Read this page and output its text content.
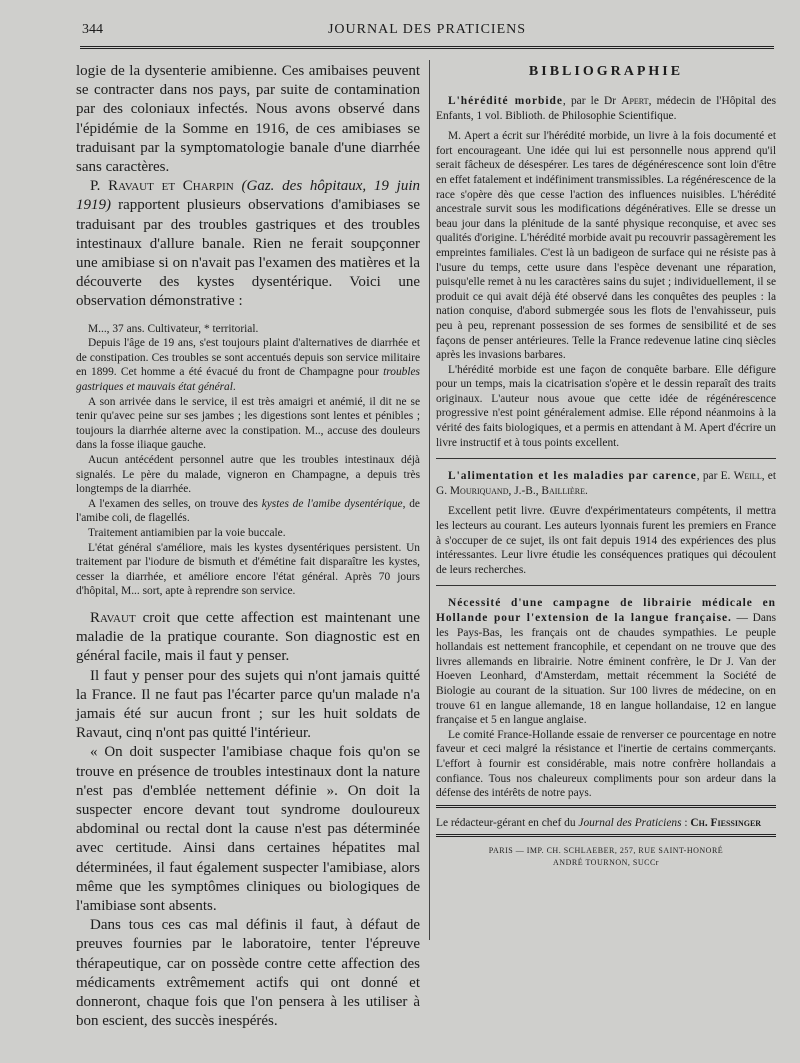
344	JOURNAL DES PRATICIENS

logie de la dysenterie amibienne. Ces amibaises peuvent se contracter dans nos pays, par suite de contamination par des coloniaux infectés. Nous avons observé dans l'épidémie de la Somme en 1916, de ces amibiases se traduisant par la symptomatologie banale d'une diarrhée sans caractères.

P. Ravaut et Charpin (Gaz. des hôpitaux, 19 juin 1919) rapportent plusieurs observations d'amibiases se traduisant par des troubles gastriques et des troubles intestinaux d'allure banale. Rien ne ferait soupçonner une amibiase si on n'avait pas l'examen des matières et la découverte des kystes dysentérique. Voici une observation démonstrative :

M..., 37 ans. Cultivateur, * territorial.

Depuis l'âge de 19 ans, s'est toujours plaint d'alternatives de diarrhée et de constipation. Ces troubles se sont accentués depuis son service militaire en 1899. Cet homme a été évacué du front de Champagne pour troubles gastriques et mauvais état général.

A son arrivée dans le service, il est très amaigri et anémié, il dit ne se tenir qu'avec peine sur ses jambes ; les digestions sont lentes et pénibles ; toujours la diarrhée alterne avec la constipation. M.., accuse des douleurs dans la fosse iliaque gauche.

Aucun antécédent personnel autre que les troubles intestinaux déjà signalés. Le père du malade, vigneron en Champagne, a depuis très longtemps de la diarrhée.

A l'examen des selles, on trouve des kystes de l'amibe dysentérique, de l'amibe coli, de flagellés.

Traitement antiamibien par la voie buccale.

L'état général s'améliore, mais les kystes dysentériques persistent. Un traitement par l'iodure de bismuth et d'émétine fait disparaître les kystes, cesser la diarrhée, et améliore encore l'état général. Après 70 jours d'hôpital, M... sort, apte à reprendre son service.

Ravaut croit que cette affection est maintenant une maladie de la pratique courante. Son diagnostic est en général facile, mais il faut y penser.

Il faut y penser pour des sujets qui n'ont jamais quitté la France. Il ne faut pas l'écarter parce qu'un malade n'a jamais été sur aucun front ; sur les huit soldats de Ravaut, cinq n'ont pas quitté l'intérieur.

« On doit suspecter l'amibiase chaque fois qu'on se trouve en présence de troubles intestinaux dont la nature n'est pas d'emblée nettement définie ». On doit la suspecter encore devant tout syndrome douloureux abdominal ou rectal dont la cause n'est pas déterminée avec certitude. Ainsi dans certaines hépatites mal déterminées, il faut également suspecter l'amibiase, alors même que les symptômes cliniques ou biologiques de l'amibiase sont absents.

Dans tous ces cas mal définis il faut, à défaut de preuves fournies par le laboratoire, tenter l'épreuve thérapeutique, car on possède contre cette affection des médicaments extrêmement actifs qui ont donné et donneront, chaque fois que l'on pensera à les utiliser à bon escient, des succès inespérés.

BIBLIOGRAPHIE

L'hérédité morbide, par le Dr Apert, médecin de l'Hôpital des Enfants, 1 vol. Biblioth. de Philosophie Scientifique.

M. Apert a écrit sur l'hérédité morbide, un livre à la fois documenté et fort encourageant. Une idée qui lui est personnelle nous apprend qu'il serait fâcheux de désespérer. Les tares de dégénérescence sont loin d'être en effet fatalement et indéfiniment transmissibles. La régénérescence de la race s'opère dès que cesse l'action des influences nuisibles. L'hérédité ancestrale survit sous les modifications dégénératives. Elle se dresse un beau jour dans la plénitude de la santé physique reconquise, et avec ses qualités d'origine. L'hérédité morbide avait pu recouvrir passagèrement les empreintes familiales. C'est là un badigeon de surface qui ne résiste pas à l'usure du temps, cette usure dans l'espèce devenant une réparation, puisqu'elle remet à nu les caractères sains du sujet ; individuellement, il se produit ce qui avait déjà été observé dans les conquêtes des peuples : la nation conquise, d'abord submergée sous les flots de l'envahisseur, puis peu à peu, reprenant possession de ses formes de sensibilité et de ses façons de penser antérieures. Telle la France redevenue latine cinq siècles après les invasions barbares.

L'hérédité morbide est une façon de conquête barbare. Elle défigure pour un temps, mais la cicatrisation s'opère et le dessin reparaît des traits originaux. L'auteur nous avoue que cette idée de régénérescence progressive n'est point généralement admise. Elle répond néanmoins à la vérité des faits biologiques, et a permis en attendant à M. Apert d'écrire un livre instructif et à tous points excellent.

L'alimentation et les maladies par carence, par E. Weill, et G. Mouriquand, J.-B., Baillière.

Excellent petit livre. Œuvre d'expérimentateurs compétents, il mettra les lecteurs au courant. Les auteurs lyonnais furent les premiers en France à s'occuper de ce sujet, ils ont fait depuis 1914 des expériences des plus intéressantes. Leur livre étudie les conséquences pratiques qui découlent de leurs recherches.

Nécessité d'une campagne de librairie médicale en Hollande pour l'extension de la langue française. — Dans les Pays-Bas, les français ont de chaudes sympathies. Le peuple hollandais est nettement francophile, et cependant on ne trouve que des livres allemands en librairie. Notre éminent confrère, le Dr J. Van der Hoeven Leonhard, d'Amsterdam, mettait récemment la Société de Biologie au courant de la situation. Sur 100 livres de médecine, on en trouve 61 en langue allemande, 18 en langue hollandaise, 12 en langue française et 5 en langue anglaise.

Le comité France-Hollande essaie de renverser ce pourcentage en notre faveur et ceci malgré la résistance et l'inertie de certains commerçants. L'effort à fournir est considérable, mais notre confrère hollandais a confiance. Tous nos chaleureux compliments pour son ardeur dans la défense des intérêts de notre pays.

Le rédacteur-gérant en chef du Journal des Praticiens : Ch. Fiessinger

PARIS — IMP. CH. SCHLAEBER, 257, RUE SAINT-HONORÉ

ANDRÉ TOURNON, SUCCr
